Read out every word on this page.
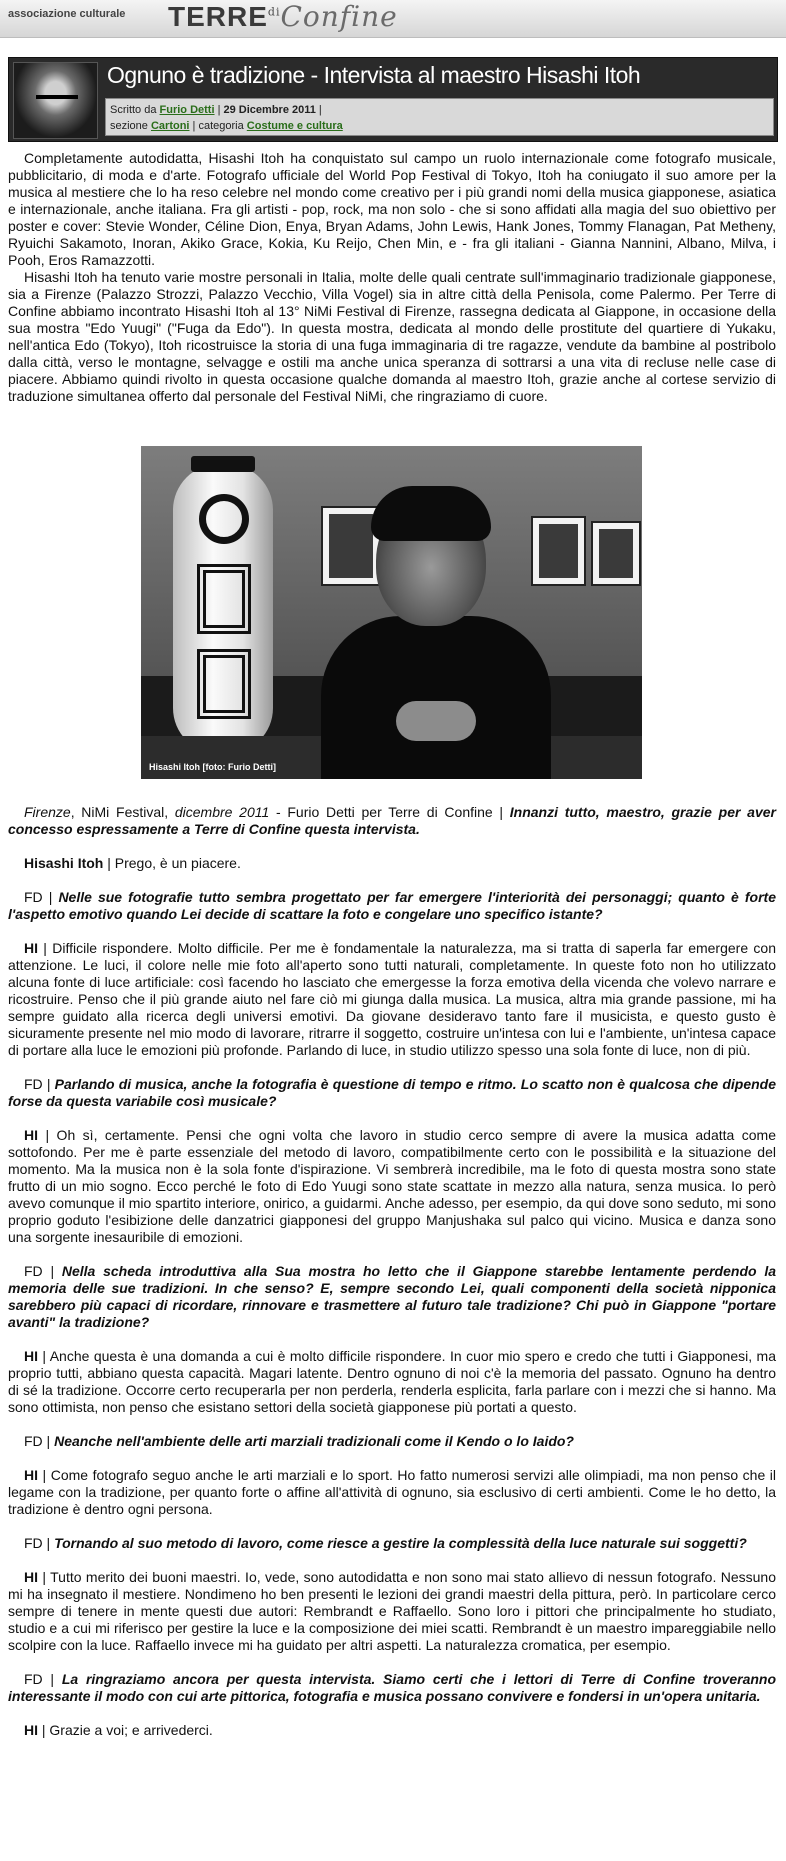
associazione culturale $TERRE^{di}Confine$
Ognuno è tradizione - Intervista al maestro Hisashi Itoh
Scritto da Furio Detti | 29 Dicembre 2011 |
sezione Cartoni | categoria Costume e cultura

Completamente autodidatta, Hisashi Itoh ha conquistato sul campo un ruolo internazionale come fotografo musicale, pubblicitario, di moda e d'arte. Fotografo ufficiale del World Pop Festival di Tokyo, Itoh ha coniugato il suo amore per la musica al mestiere che lo ha reso celebre nel mondo come creativo per i più grandi nomi della musica giapponese, asiatica e internazionale, anche italiana. Fra gli artisti - pop, rock, ma non solo - che si sono affidati alla magia del suo obiettivo per poster e cover: Stevie Wonder, Céline Dion, Enya, Bryan Adams, John Lewis, Hank Jones, Tommy Flanagan, Pat Metheny, Ryuichi Sakamoto, Inoran, Akiko Grace, Kokia, Ku Reijo, Chen Min, e - fra gli italiani - Gianna Nannini, Albano, Milva, i Pooh, Eros Ramazzotti.

Hisashi Itoh ha tenuto varie mostre personali in Italia, molte delle quali centrate sull'immaginario tradizionale giapponese, sia a Firenze (Palazzo Strozzi, Palazzo Vecchio, Villa Vogel) sia in altre città della Penisola, come Palermo. Per Terre di Confine abbiamo incontrato Hisashi Itoh al 13° NiMi Festival di Firenze, rassegna dedicata al Giappone, in occasione della sua mostra "Edo Yuugi" ("Fuga da Edo"). In questa mostra, dedicata al mondo delle prostitute del quartiere di Yukaku, nell'antica Edo (Tokyo), Itoh ricostruisce la storia di una fuga immaginaria di tre ragazze, vendute da bambine al postribolo dalla città, verso le montagne, selvagge e ostili ma anche unica speranza di sottrarsi a una vita di recluse nelle case di piacere. Abbiamo quindi rivolto in questa occasione qualche domanda al maestro Itoh, grazie anche al cortese servizio di traduzione simultanea offerto dal personale del Festival NiMi, che ringraziamo di cuore.

Hisashi Itoh [foto: Furio Detti]

Firenze, NiMi Festival, dicembre 2011 - Furio Detti per Terre di Confine | Innanzi tutto, maestro, grazie per aver concesso espressamente a Terre di Confine questa intervista.

Hisashi Itoh | Prego, è un piacere.

FD | Nelle sue fotografie tutto sembra progettato per far emergere l'interiorità dei personaggi; quanto è forte l'aspetto emotivo quando Lei decide di scattare la foto e congelare uno specifico istante?

HI | Difficile rispondere. Molto difficile. Per me è fondamentale la naturalezza, ma si tratta di saperla far emergere con attenzione. Le luci, il colore nelle mie foto all'aperto sono tutti naturali, completamente. In queste foto non ho utilizzato alcuna fonte di luce artificiale: così facendo ho lasciato che emergesse la forza emotiva della vicenda che volevo narrare e ricostruire. Penso che il più grande aiuto nel fare ciò mi giunga dalla musica. La musica, altra mia grande passione, mi ha sempre guidato alla ricerca degli universi emotivi. Da giovane desideravo tanto fare il musicista, e questo gusto è sicuramente presente nel mio modo di lavorare, ritrarre il soggetto, costruire un'intesa con lui e l'ambiente, un'intesa capace di portare alla luce le emozioni più profonde. Parlando di luce, in studio utilizzo spesso una sola fonte di luce, non di più.

FD | Parlando di musica, anche la fotografia è questione di tempo e ritmo. Lo scatto non è qualcosa che dipende forse da questa variabile così musicale?

HI | Oh sì, certamente. Pensi che ogni volta che lavoro in studio cerco sempre di avere la musica adatta come sottofondo. Per me è parte essenziale del metodo di lavoro, compatibilmente certo con le possibilità e la situazione del momento. Ma la musica non è la sola fonte d'ispirazione. Vi sembrerà incredibile, ma le foto di questa mostra sono state frutto di un mio sogno. Ecco perché le foto di Edo Yuugi sono state scattate in mezzo alla natura, senza musica. Io però avevo comunque il mio spartito interiore, onirico, a guidarmi. Anche adesso, per esempio, da qui dove sono seduto, mi sono proprio goduto l'esibizione delle danzatrici giapponesi del gruppo Manjushaka sul palco qui vicino. Musica e danza sono una sorgente inesauribile di emozioni.

FD | Nella scheda introduttiva alla Sua mostra ho letto che il Giappone starebbe lentamente perdendo la memoria delle sue tradizioni. In che senso? E, sempre secondo Lei, quali componenti della società nipponica sarebbero più capaci di ricordare, rinnovare e trasmettere al futuro tale tradizione? Chi può in Giappone "portare avanti" la tradizione?

HI | Anche questa è una domanda a cui è molto difficile rispondere. In cuor mio spero e credo che tutti i Giapponesi, ma proprio tutti, abbiano questa capacità. Magari latente. Dentro ognuno di noi c'è la memoria del passato. Ognuno ha dentro di sé la tradizione. Occorre certo recuperarla per non perderla, renderla esplicita, farla parlare con i mezzi che si hanno. Ma sono ottimista, non penso che esistano settori della società giapponese più portati a questo.

FD | Neanche nell'ambiente delle arti marziali tradizionali come il Kendo o lo Iaido?

HI | Come fotografo seguo anche le arti marziali e lo sport. Ho fatto numerosi servizi alle olimpiadi, ma non penso che il legame con la tradizione, per quanto forte o affine all'attività di ognuno, sia esclusivo di certi ambienti. Come le ho detto, la tradizione è dentro ogni persona.

FD | Tornando al suo metodo di lavoro, come riesce a gestire la complessità della luce naturale sui soggetti?

HI | Tutto merito dei buoni maestri. Io, vede, sono autodidatta e non sono mai stato allievo di nessun fotografo. Nessuno mi ha insegnato il mestiere. Nondimeno ho ben presenti le lezioni dei grandi maestri della pittura, però. In particolare cerco sempre di tenere in mente questi due autori: Rembrandt e Raffaello. Sono loro i pittori che principalmente ho studiato, studio e a cui mi riferisco per gestire la luce e la composizione dei miei scatti. Rembrandt è un maestro impareggiabile nello scolpire con la luce. Raffaello invece mi ha guidato per altri aspetti. La naturalezza cromatica, per esempio.

FD | La ringraziamo ancora per questa intervista. Siamo certi che i lettori di Terre di Confine troveranno interessante il modo con cui arte pittorica, fotografia e musica possano convivere e fondersi in un'opera unitaria.

HI | Grazie a voi; e arrivederci.
